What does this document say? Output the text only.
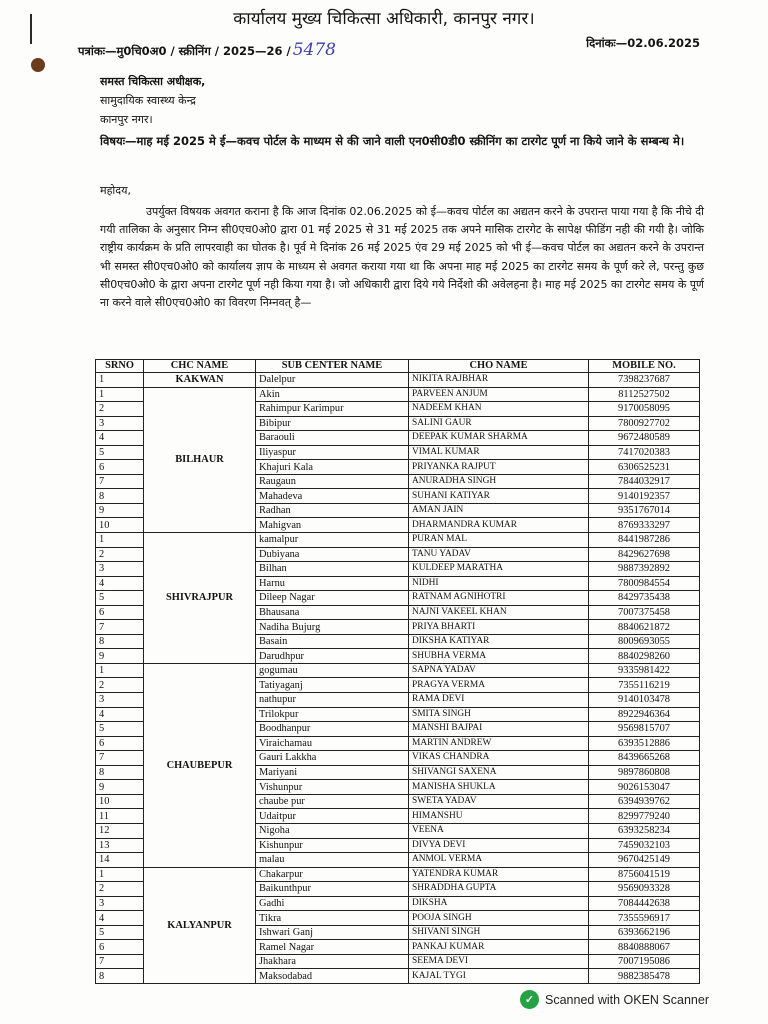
कार्यालय मुख्य चिकित्सा अधिकारी, कानपुर नगर।
पत्रांकः—मु0चि0अ0 / स्क्रीनिंग / 2025—26 / 5478	दिनांकः—02.06.2025
समस्त चिकित्सा अधीक्षक,
सामुदायिक स्वास्थ्य केन्द्र
कानपुर नगर।
विषयः—माह मई 2025 मे ई—कवच पोर्टल के माध्यम से की जाने वाली एन0सी0डी0 स्क्रीनिंग का टारगेट पूर्ण ना किये जाने के सम्बन्ध मे।
महोदय,
उपर्युक्त विषयक अवगत कराना है कि आज दिनांक 02.06.2025 को ई—कवच पोर्टल का अद्यतन करने के उपरान्त पाया गया है कि नीचे दी गयी तालिका के अनुसार निम्न सी0एच0ओ0 द्वारा 01 मई 2025 से 31 मई 2025 तक अपने मासिक टारगेट के सापेक्ष फीडिंग नही की गयी है। जोकि राष्ट्रीय कार्यक्रम के प्रति लापरवाही का घोतक है। पूर्व मे दिनांक 26 मई 2025 एंव 29 मई 2025 को भी ई—कवच पोर्टल का अद्यतन करने के उपरान्त भी समस्त सी0एच0ओ0 को कार्यालय ज्ञाप के माध्यम से अवगत कराया गया था कि अपना माह मई 2025 का टारगेट समय के पूर्ण करे ले, परन्तु कुछ सी0एच0ओ0 के द्वारा अपना टारगेट पूर्ण नही किया गया है। जो अधिकारी द्वारा दिये गये निर्देशो की अवेलहना है। माह मई 2025 का टारगेट समय के पूर्ण ना करने वाले सी0एच0ओ0 का विवरण निम्नवत् है—
SRNO	CHC NAME	SUB CENTER NAME	CHO NAME	MOBILE NO.
1	KAKWAN	Dalelpur	NIKITA RAJBHAR	7398237687
1	BILHAUR	Akin	PARVEEN ANJUM	8112527502
2		Rahimpur Karimpur	NADEEM KHAN	9170058095
3		Bibipur	SALINI GAUR	7800927702
4		Baraouli	DEEPAK KUMAR SHARMA	9672480589
5		Iliyaspur	VIMAL KUMAR	7417020383
6		Khajuri Kala	PRIYANKA RAJPUT	6306525231
7		Raugaun	ANURADHA SINGH	7844032917
8		Mahadeva	SUHANI KATIYAR	9140192357
9		Radhan	AMAN JAIN	9351767014
10		Mahigvan	DHARMANDRA KUMAR	8769333297
1	SHIVRAJPUR	kamalpur	PURAN MAL	8441987286
2		Dubiyana	TANU YADAV	8429627698
3		Bilhan	KULDEEP MARATHA	9887392892
4		Harnu	NIDHI	7800984554
5		Dileep Nagar	RATNAM AGNIHOTRI	8429735438
6		Bhausana	NAJNI VAKEEL KHAN	7007375458
7		Nadiha Bujurg	PRIYA BHARTI	8840621872
8		Basain	DIKSHA KATIYAR	8009693055
9		Darudhpur	SHUBHA VERMA	8840298260
1	CHAUBEPUR	gogumau	SAPNA YADAV	9335981422
2		Tatiyaganj	PRAGYA VERMA	7355116219
3		nathupur	RAMA DEVI	9140103478
4		Trilokpur	SMITA SINGH	8922946364
5		Boodhanpur	MANSHI BAJPAI	9569815707
6		Viraichamau	MARTIN ANDREW	6393512886
7		Gauri Lakkha	VIKAS CHANDRA	8439665268
8		Mariyani	SHIVANGI SAXENA	9897860808
9		Vishunpur	MANISHA SHUKLA	9026153047
10		chaube pur	SWETA YADAV	6394939762
11		Udaitpur	HIMANSHU	8299779240
12		Nigoha	VEENA	6393258234
13		Kishunpur	DIVYA DEVI	7459032103
14		malau	ANMOL VERMA	9670425149
1	KALYANPUR	Chakarpur	YATENDRA KUMAR	8756041519
2		Baikunthpur	SHRADDHA GUPTA	9569093328
3		Gadhi	DIKSHA	7084442638
4		Tikra	POOJA SINGH	7355596917
5		Ishwari Ganj	SHIVANI SINGH	6393662196
6		Ramel Nagar	PANKAJ KUMAR	8840888067
7		Jhakhara	SEEMA DEVI	7007195086
8		Maksodabad	KAJAL TYGI	9882385478
✓ Scanned with OKEN Scanner
